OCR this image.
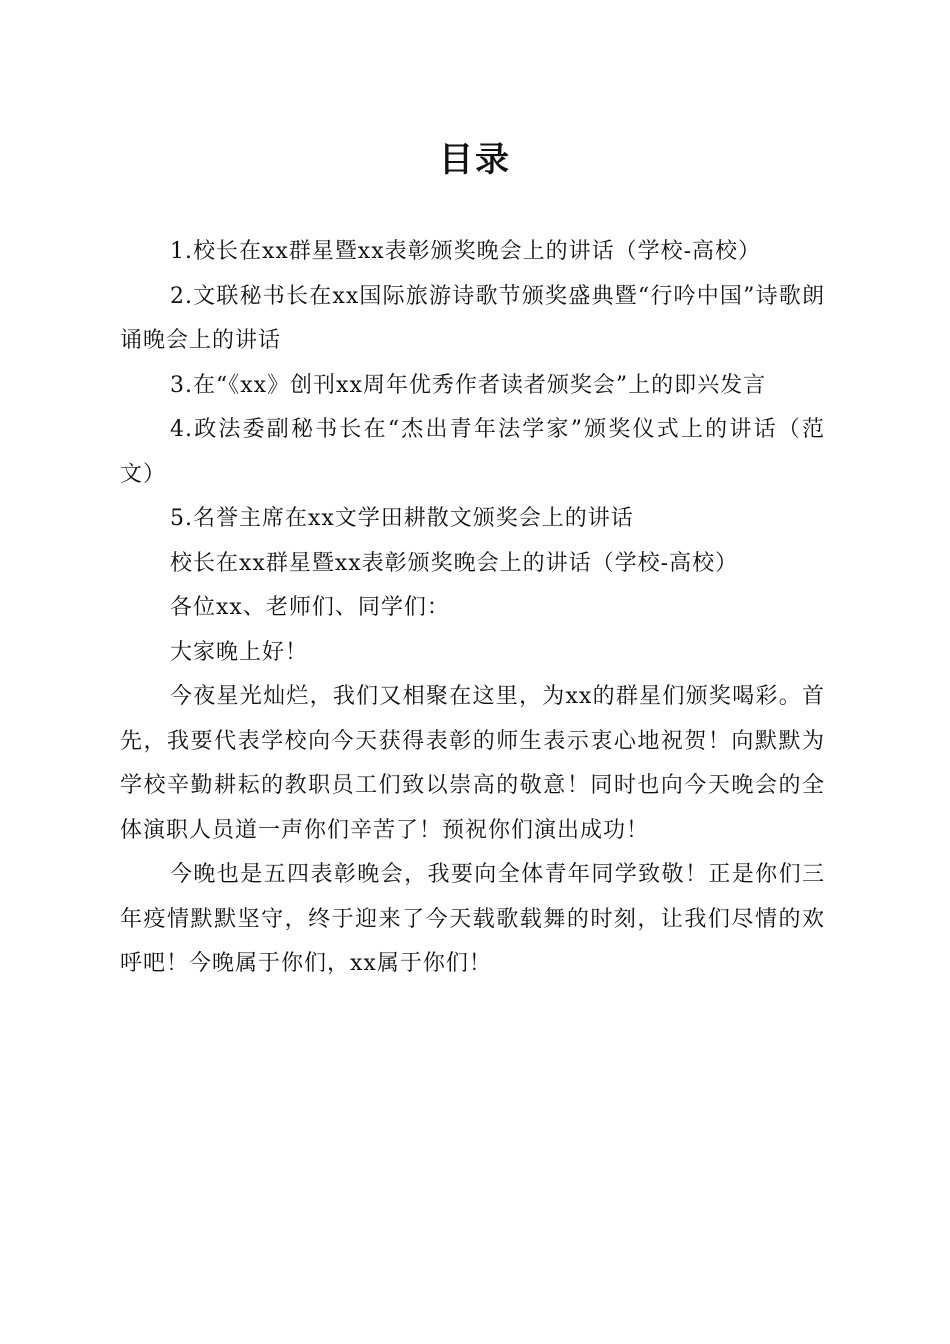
目录

1.校长在xx群星暨xx表彰颁奖晚会上的讲话（学校-高校）

2.文联秘书长在xx国际旅游诗歌节颁奖盛典暨“行吟中国”诗歌朗诵晚会上的讲话

3.在“《xx》创刊xx周年优秀作者读者颁奖会”上的即兴发言

4.政法委副秘书长在“杰出青年法学家”颁奖仪式上的讲话（范文）

5.名誉主席在xx文学田耕散文颁奖会上的讲话

校长在xx群星暨xx表彰颁奖晚会上的讲话（学校-高校）

各位xx、老师们、同学们：

大家晚上好！

今夜星光灿烂，我们又相聚在这里，为xx的群星们颁奖喝彩。首先，我要代表学校向今天获得表彰的师生表示衷心地祝贺！向默默为学校辛勤耕耘的教职员工们致以崇高的敬意！同时也向今天晚会的全体演职人员道一声你们辛苦了！预祝你们演出成功！

今晚也是五四表彰晚会，我要向全体青年同学致敬！正是你们三年疫情默默坚守，终于迎来了今天载歌载舞的时刻，让我们尽情的欢呼吧！今晚属于你们，xx属于你们！
